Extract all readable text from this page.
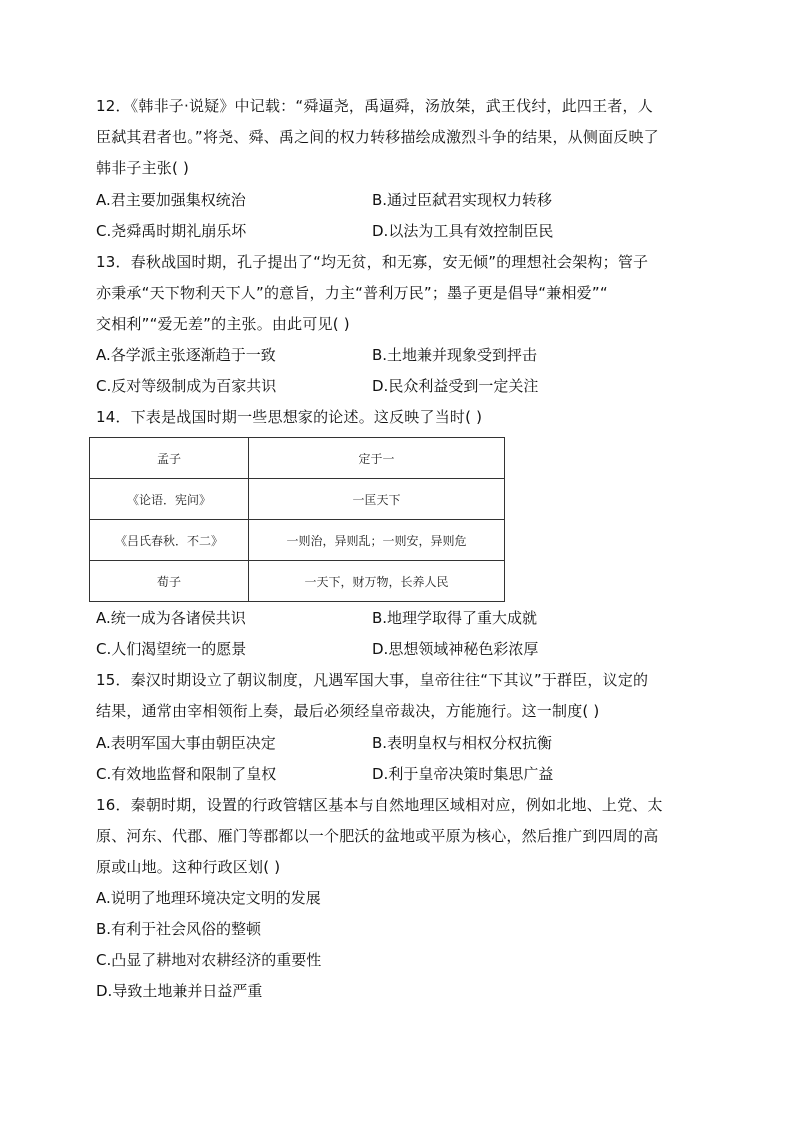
12．《韩非子·说疑》中记载：“舜逼尧，禹逼舜，汤放桀，武王伐纣，此四王者，人
臣弑其君者也。”将尧、舜、禹之间的权力转移描绘成激烈斗争的结果，从侧面反映了
韩非子主张( )
A.君主要加强集权统治	B.通过臣弑君实现权力转移
C.尧舜禹时期礼崩乐坏	D.以法为工具有效控制臣民
13．春秋战国时期，孔子提出了“均无贫，和无寡，安无倾”的理想社会架构；管子
亦秉承“天下物利天下人”的意旨，力主“普利万民”；墨子更是倡导“兼相爱”“
交相利”“爱无差”的主张。由此可见( )
A.各学派主张逐渐趋于一致	B.土地兼并现象受到抨击
C.反对等级制成为百家共识	D.民众利益受到一定关注
14．下表是战国时期一些思想家的论述。这反映了当时( )
孟子	定于一
《论语．宪问》	一匡天下
《吕氏春秋．不二》	一则治，异则乱；一则安，异则危
荀子	一天下，财万物，长养人民
A.统一成为各诸侯共识	B.地理学取得了重大成就
C.人们渴望统一的愿景	D.思想领域神秘色彩浓厚
15．秦汉时期设立了朝议制度，凡遇军国大事，皇帝往往“下其议”于群臣，议定的
结果，通常由宰相领衔上奏，最后必须经皇帝裁决，方能施行。这一制度( )
A.表明军国大事由朝臣决定	B.表明皇权与相权分权抗衡
C.有效地监督和限制了皇权	D.利于皇帝决策时集思广益
16．秦朝时期，设置的行政管辖区基本与自然地理区域相对应，例如北地、上党、太
原、河东、代郡、雁门等郡都以一个肥沃的盆地或平原为核心，然后推广到四周的高
原或山地。这种行政区划( )
A.说明了地理环境决定文明的发展
B.有利于社会风俗的整顿
C.凸显了耕地对农耕经济的重要性
D.导致土地兼并日益严重
